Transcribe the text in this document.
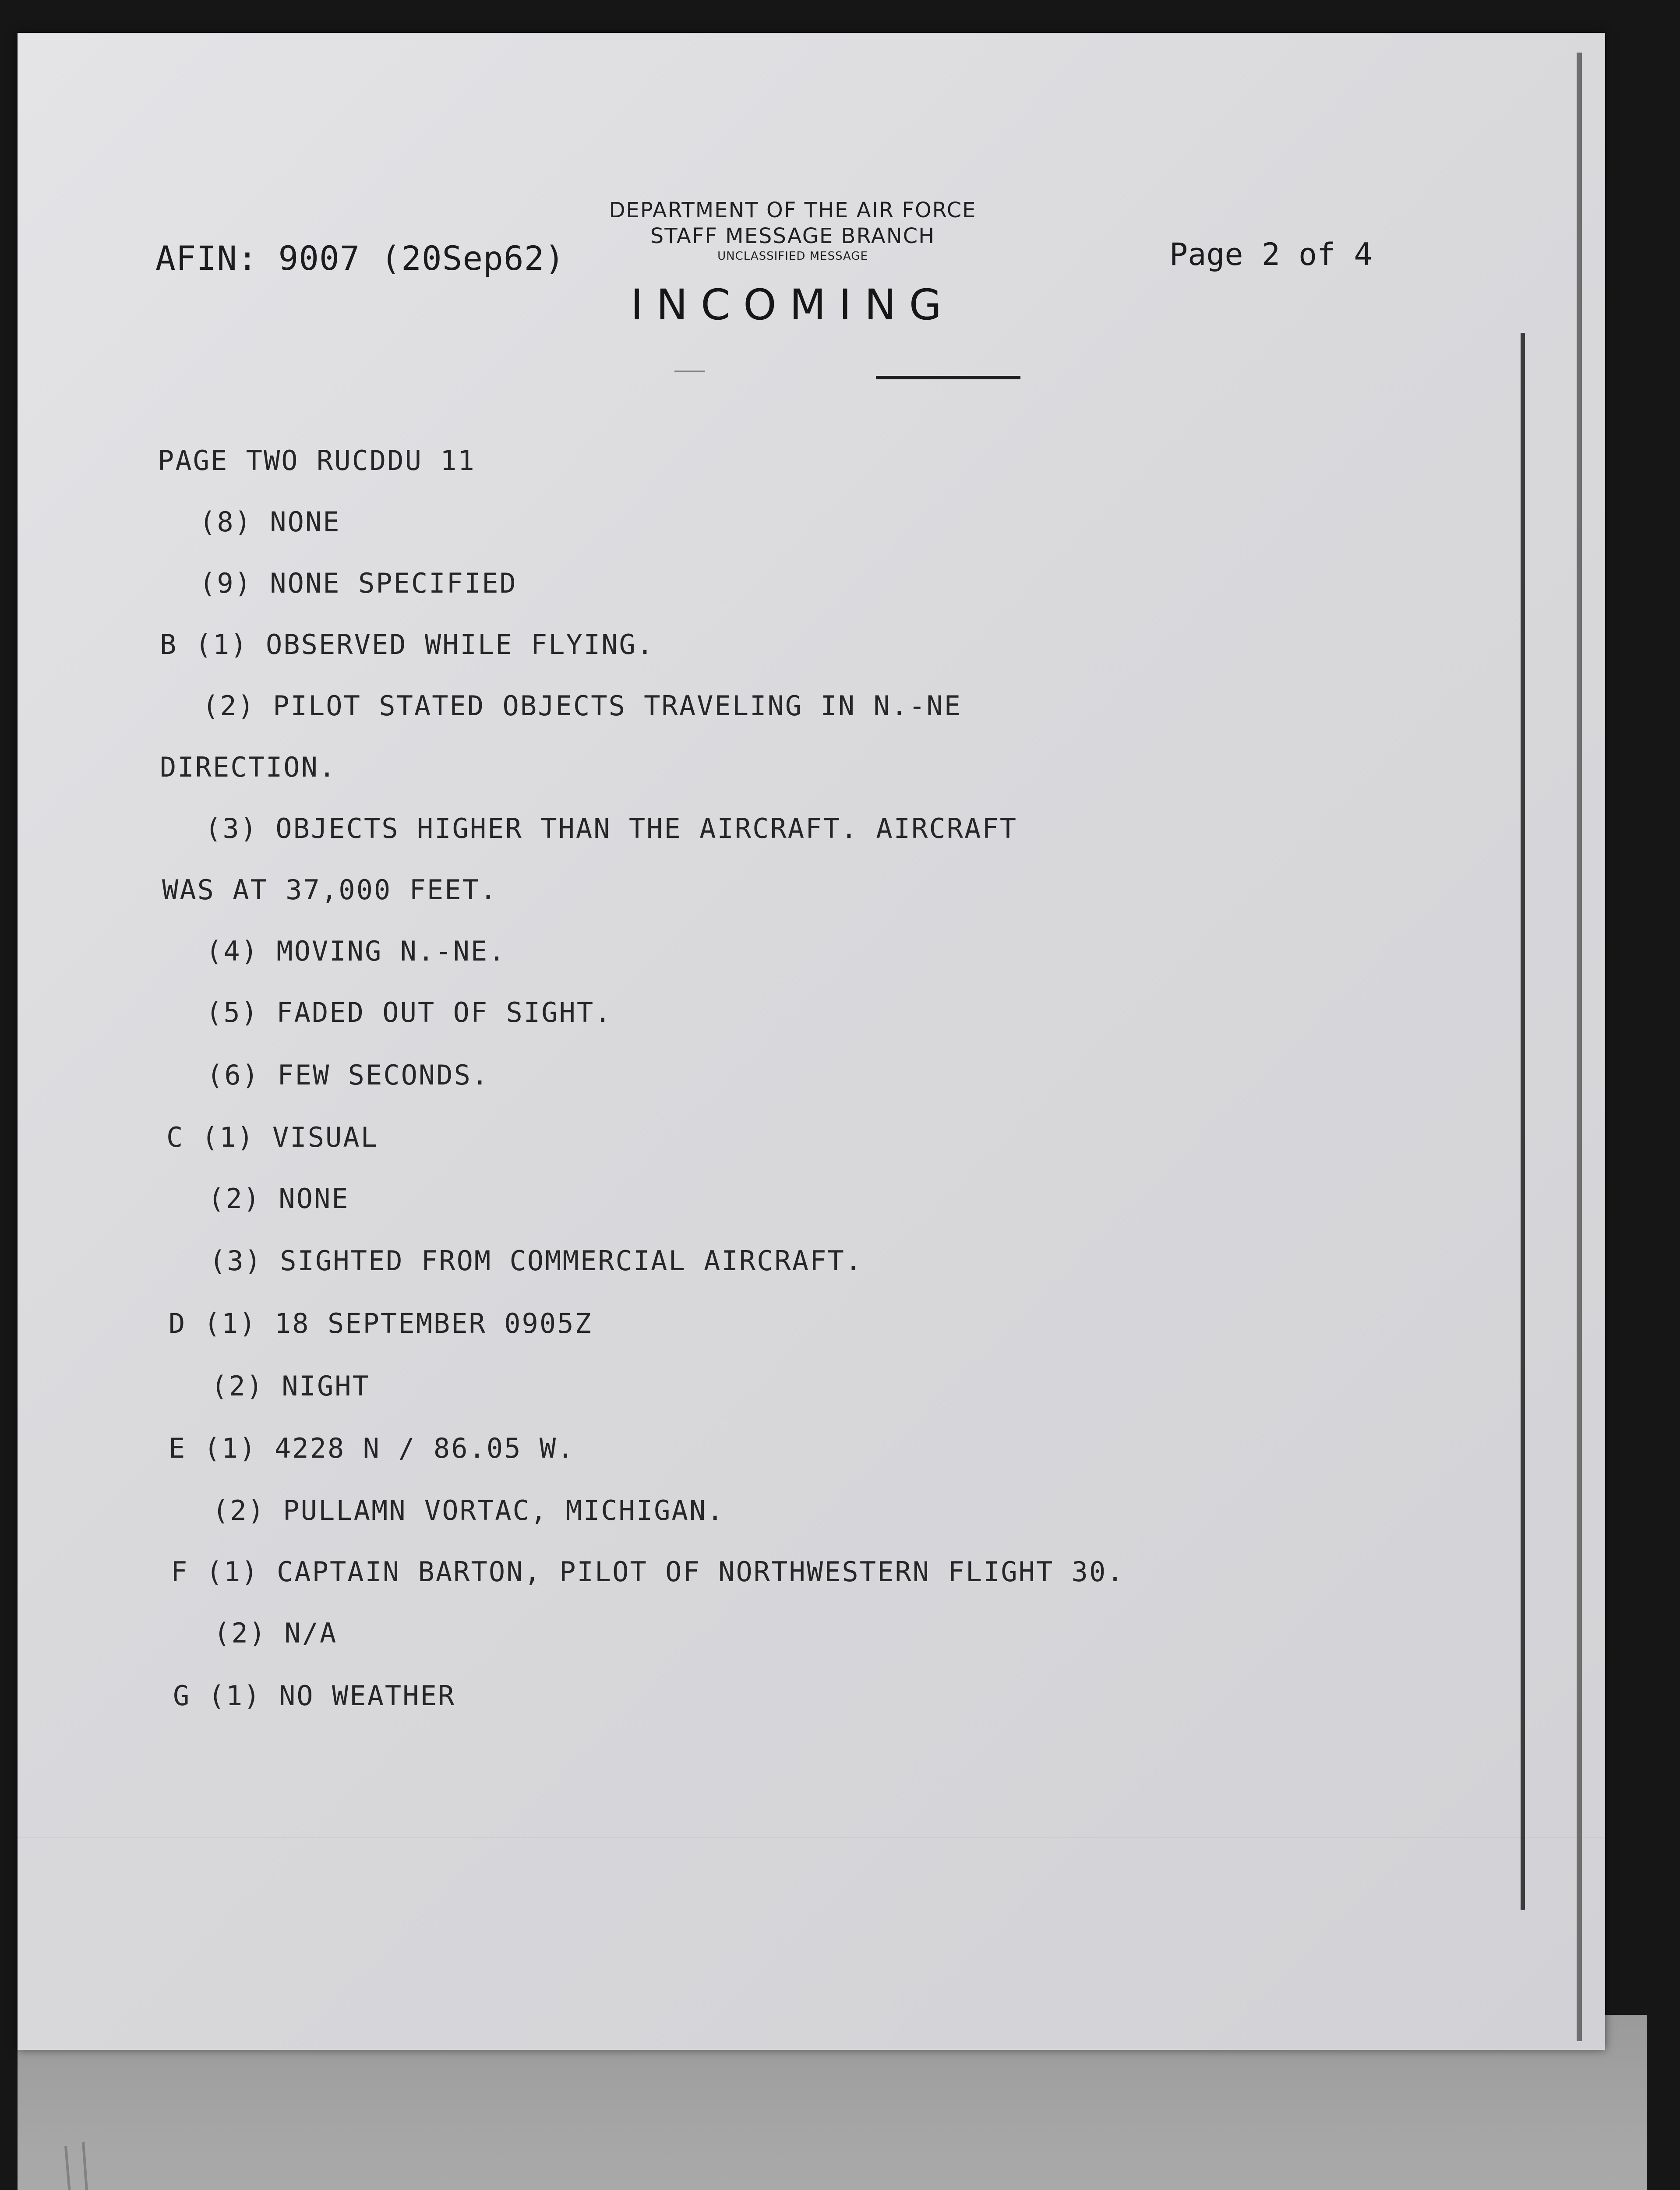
AFIN: 9007 (20Sep62)
DEPARTMENT OF THE AIR FORCE
STAFF MESSAGE BRANCH
UNCLASSIFIED MESSAGE	Page 2 of 4
INCOMING
PAGE TWO RUCDDU 11
(8) NONE
(9) NONE SPECIFIED
B (1) OBSERVED WHILE FLYING.
(2) PILOT STATED OBJECTS TRAVELING IN N.-NE
DIRECTION.
(3) OBJECTS HIGHER THAN THE AIRCRAFT. AIRCRAFT
WAS AT 37,000 FEET.
(4) MOVING N.-NE.
(5) FADED OUT OF SIGHT.
(6) FEW SECONDS.
C (1) VISUAL
(2) NONE
(3) SIGHTED FROM COMMERCIAL AIRCRAFT.
D (1) 18 SEPTEMBER 0905Z
(2) NIGHT
E (1) 4228 N / 86.05 W.
(2) PULLAMN VORTAC, MICHIGAN.
F (1) CAPTAIN BARTON, PILOT OF NORTHWESTERN FLIGHT 30.
(2) N/A
G (1) NO WEATHER
